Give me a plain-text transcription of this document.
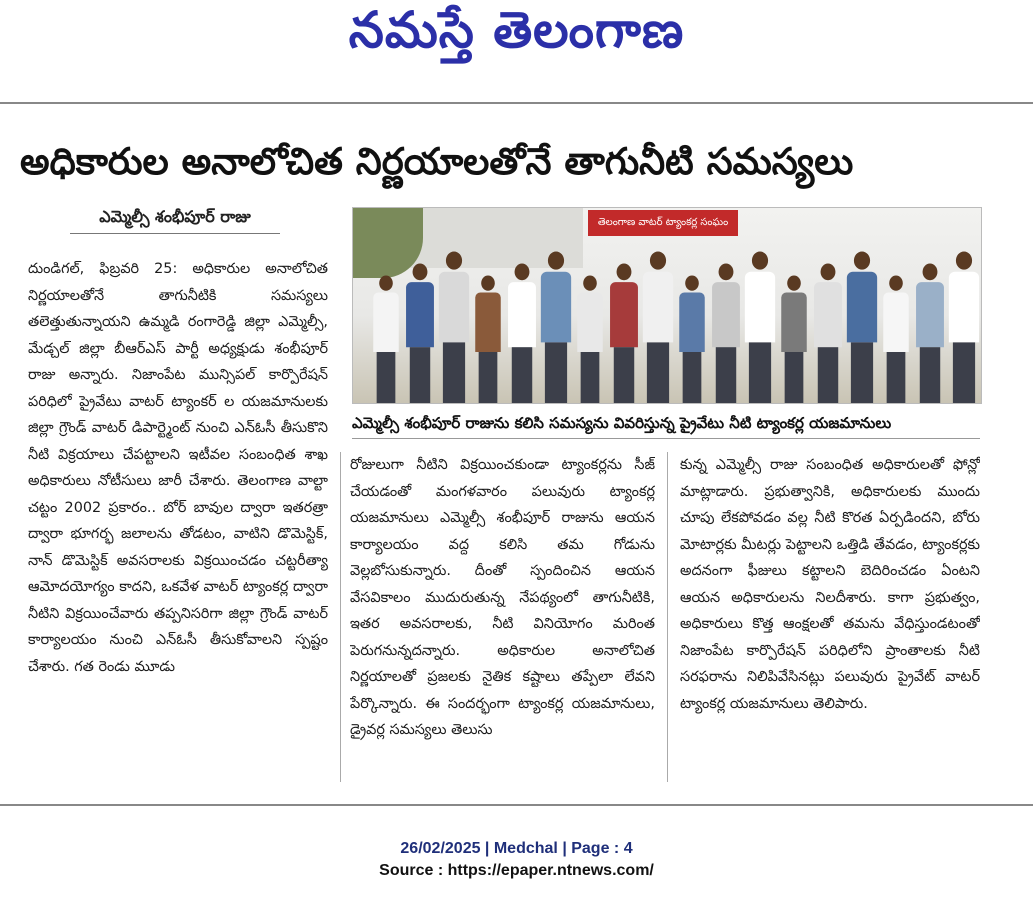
నమస్తే తెలంగాణ
అధికారుల అనాలోచిత నిర్ణయాలతోనే తాగునీటి సమస్యలు
ఎమ్మెల్సీ శంభీపూర్ రాజు
దుండిగల్, ఫిబ్రవరి 25: అధికారుల అనాలోచిత నిర్ణయాలతోనే తాగునీటికి సమస్యలు తలెత్తుతున్నాయని ఉమ్మడి రంగారెడ్డి జిల్లా ఎమ్మెల్సీ, మేడ్చల్ జిల్లా బీఆర్ఎస్ పార్టీ అధ్యక్షుడు శంభీపూర్ రాజు అన్నారు. నిజాంపేట మున్సిపల్ కార్పొరేషన్ పరిధిలో ప్రైవేటు వాటర్ ట్యాంకర్ ల యజమానులకు జిల్లా గ్రౌండ్ వాటర్ డిపార్ట్మెంట్ నుంచి ఎన్ఓసీ తీసుకొని నీటి విక్రయాలు చేపట్టాలని ఇటీవల సంబంధిత శాఖ అధికారులు నోటీసులు జారీ చేశారు. తెలంగాణ వాల్టా చట్టం 2002 ప్రకారం.. బోర్ బావుల ద్వారా ఇతరత్రా ద్వారా భూగర్భ జలాలను తోడటం, వాటిని డొమెస్టిక్, నాన్ డొమెస్టిక్ అవసరాలకు విక్రయించడం చట్టరీత్యా ఆమోదయోగ్యం కాదని, ఒకవేళ వాటర్ ట్యాంకర్ల ద్వారా నీటిని విక్రయించేవారు తప్పనిసరిగా జిల్లా గ్రౌండ్ వాటర్ కార్యాలయం నుంచి ఎన్ఓసీ తీసుకోవాలని స్పష్టం చేశారు. గత రెండు మూడు
తెలంగాణ వాటర్ ట్యాంకర్ల సంఘం
ఎమ్మెల్సీ శంభీపూర్ రాజును కలిసి సమస్యను వివరిస్తున్న ప్రైవేటు నీటి ట్యాంకర్ల యజమానులు
రోజులుగా నీటిని విక్రయించకుండా ట్యాంకర్లను సీజ్ చేయడంతో మంగళవారం పలువురు ట్యాంకర్ల యజమానులు ఎమ్మెల్సీ శంభీపూర్ రాజును ఆయన కార్యాలయం వద్ద కలిసి తమ గోడును వెల్లబోసుకున్నారు. దీంతో స్పందించిన ఆయన వేసవికాలం ముదురుతున్న నేపథ్యంలో తాగునీటికి, ఇతర అవసరాలకు, నీటి వినియోగం మరింత పెరుగనున్నదన్నారు. అధికారుల అనాలోచిత నిర్ణయాలతో ప్రజలకు నైతిక కష్టాలు తప్పేలా లేవని పేర్కొన్నారు. ఈ సందర్భంగా ట్యాంకర్ల యజమానులు, డ్రైవర్ల సమస్యలు తెలుసు
కున్న ఎమ్మెల్సీ రాజు సంబంధిత అధికారులతో ఫోన్లో మాట్లాడారు. ప్రభుత్వానికి, అధికారులకు ముందు చూపు లేకపోవడం వల్ల నీటి కొరత ఏర్పడిందని, బోరు మోటార్లకు మీటర్లు పెట్టాలని ఒత్తిడి తేవడం, ట్యాంకర్లకు అదనంగా ఫీజులు కట్టాలని బెదిరించడం ఏంటని ఆయన అధికారులను నిలదీశారు. కాగా ప్రభుత్వం, అధికారులు కొత్త ఆంక్షలతో తమను వేధిస్తుండటంతో నిజాంపేట కార్పొరేషన్ పరిధిలోని ప్రాంతాలకు నీటి సరఫరాను నిలిపివేసినట్లు పలువురు ప్రైవేట్ వాటర్ ట్యాంకర్ల యజమానులు తెలిపారు.
26/02/2025 | Medchal | Page : 4
Source : https://epaper.ntnews.com/
